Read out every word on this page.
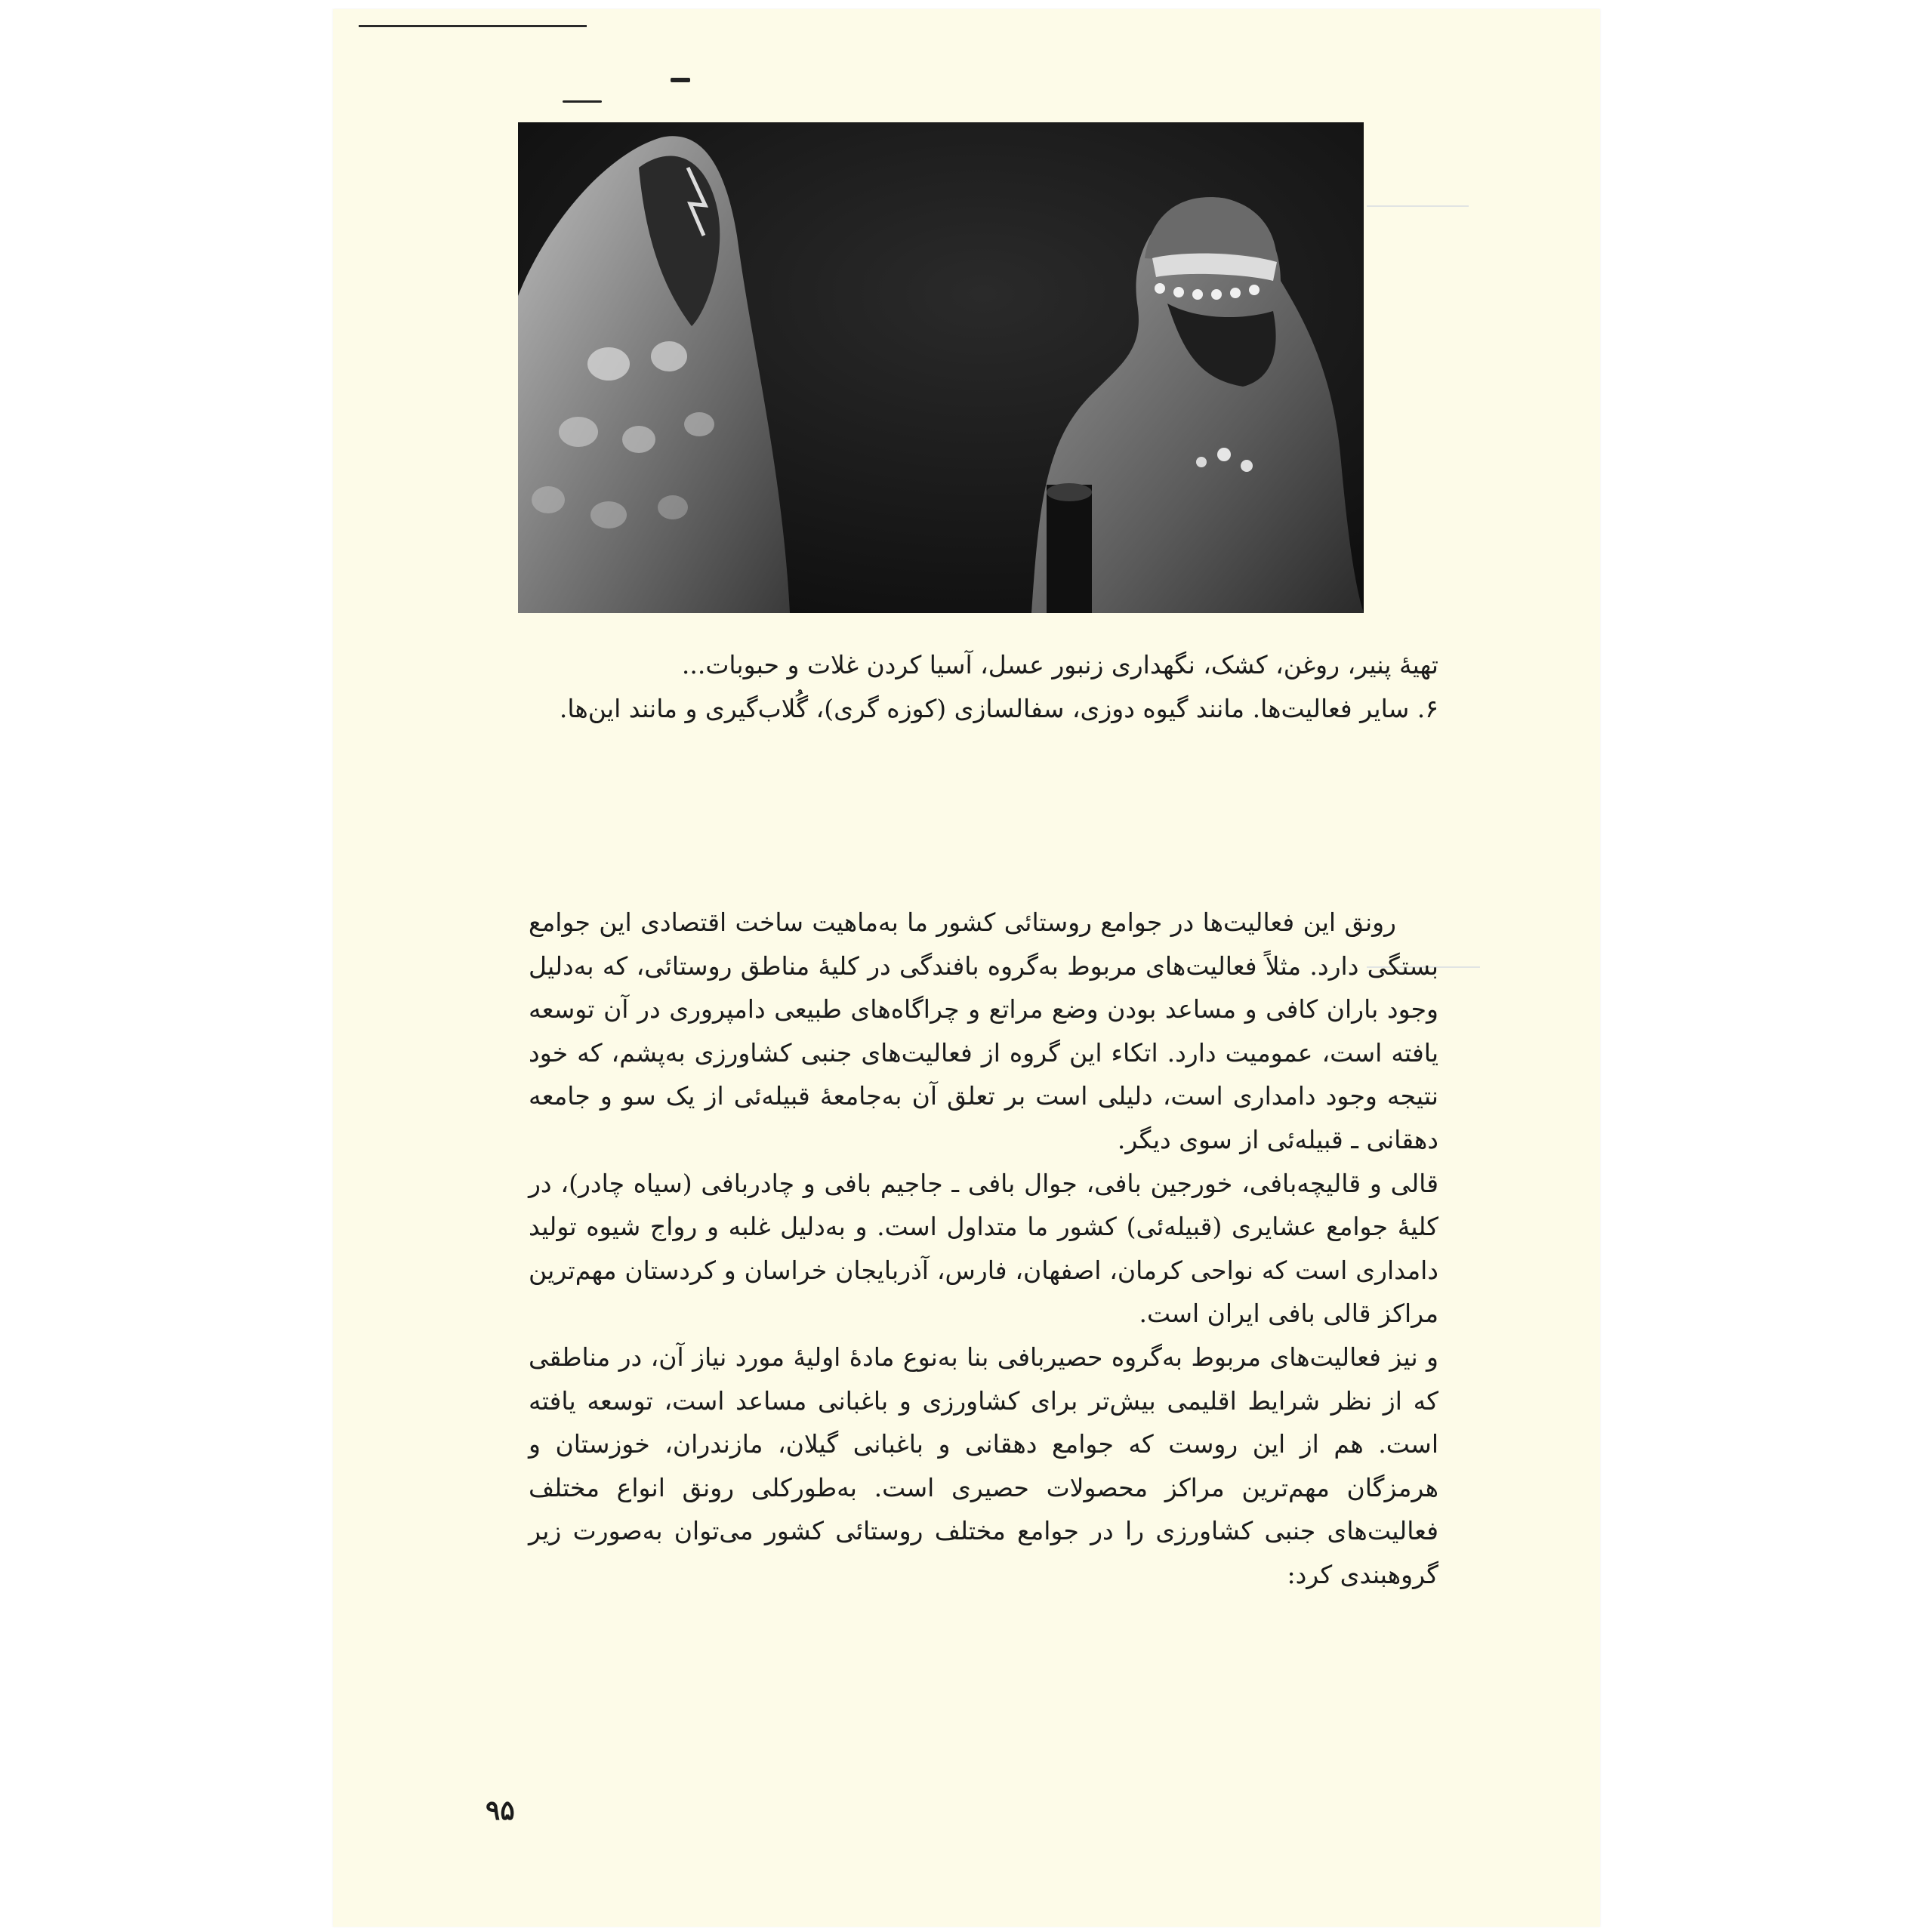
تهیهٔ پنیر، روغن، کشک، نگهداری زنبور عسل، آسیا کردن غلات و حبوبات...

۶. سایر فعالیت‌ها. مانند گیوه دوزی، سفالسازی (کوزه گری)، گُلاب‌گیری و مانند این‌ها.

رونق این فعالیت‌ها در جوامع روستائی کشور ما به‌ماهیت ساخت اقتصادی این جوامع بستگی دارد. مثلاً فعالیت‌های مربوط به‌گروه بافندگی در کلیهٔ مناطق روستائی، که به‌دلیل وجود باران کافی و مساعد بودن وضع مراتع و چراگاه‌های طبیعی دامپروری در آن توسعه یافته است، عمومیت دارد. اتکاء این گروه از فعالیت‌های جنبی کشاورزی به‌پشم، که خود نتیجه وجود دامداری است، دلیلی است بر تعلق آن به‌جامعهٔ قبیله‌ئی از یک سو و جامعه دهقانی ـ قبیله‌ئی از سوی دیگر.

قالی و قالیچه‌بافی، خورجین بافی، جوال بافی ـ جاجیم بافی و چادربافی (سیاه چادر)، در کلیهٔ جوامع عشایری (قبیله‌ئی) کشور ما متداول است. و به‌دلیل غلبه و رواج شیوه تولید دامداری است که نواحی کرمان، اصفهان، فارس، آذربایجان خراسان و کردستان مهم‌ترین مراکز قالی بافی ایران است.

و نیز فعالیت‌های مربوط به‌گروه حصیربافی بنا به‌نوع مادهٔ اولیهٔ مورد نیاز آن، در مناطقی که از نظر شرایط اقلیمی بیش‌تر برای کشاورزی و باغبانی مساعد است، توسعه یافته است. هم از این روست که جوامع دهقانی و باغبانی گیلان، مازندران، خوزستان و هرمزگان مهم‌ترین مراکز محصولات حصیری است. به‌طورکلی رونق انواع مختلف فعالیت‌های جنبی کشاورزی را در جوامع مختلف روستائی کشور می‌توان به‌صورت زیر گروهبندی کرد:

۹۵
